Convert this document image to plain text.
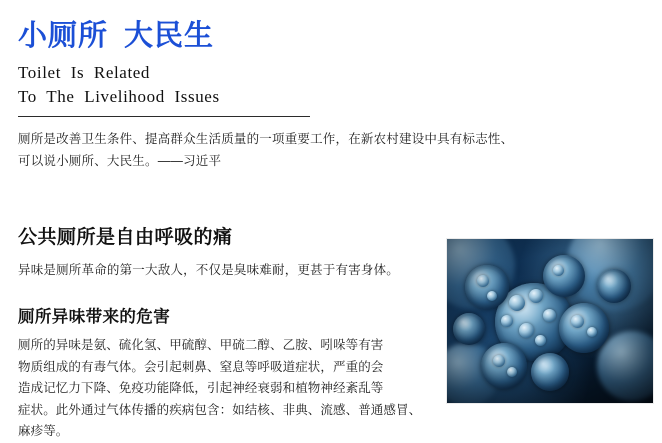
小厕所 大民生
Toilet  Is  Related
To  The  Livelihood  Issues
厕所是改善卫生条件、提高群众生活质量的一项重要工作，在新农村建设中具有标志性、
可以说小厕所、大民生。——习近平
公共厕所是自由呼吸的痛
异味是厕所革命的第一大敌人，不仅是臭味难耐，更甚于有害身体。
厕所异味带来的危害
厕所的异味是氨、硫化氢、甲硫醇、甲硫二醇、乙胺、吲哚等有害
物质组成的有毒气体。会引起刺鼻、窒息等呼吸道症状，严重的会
造成记忆力下降、免疫功能降低，引起神经衰弱和植物神经紊乱等
症状。此外通过气体传播的疾病包含：如结核、非典、流感、普通感冒、
麻疹等。
